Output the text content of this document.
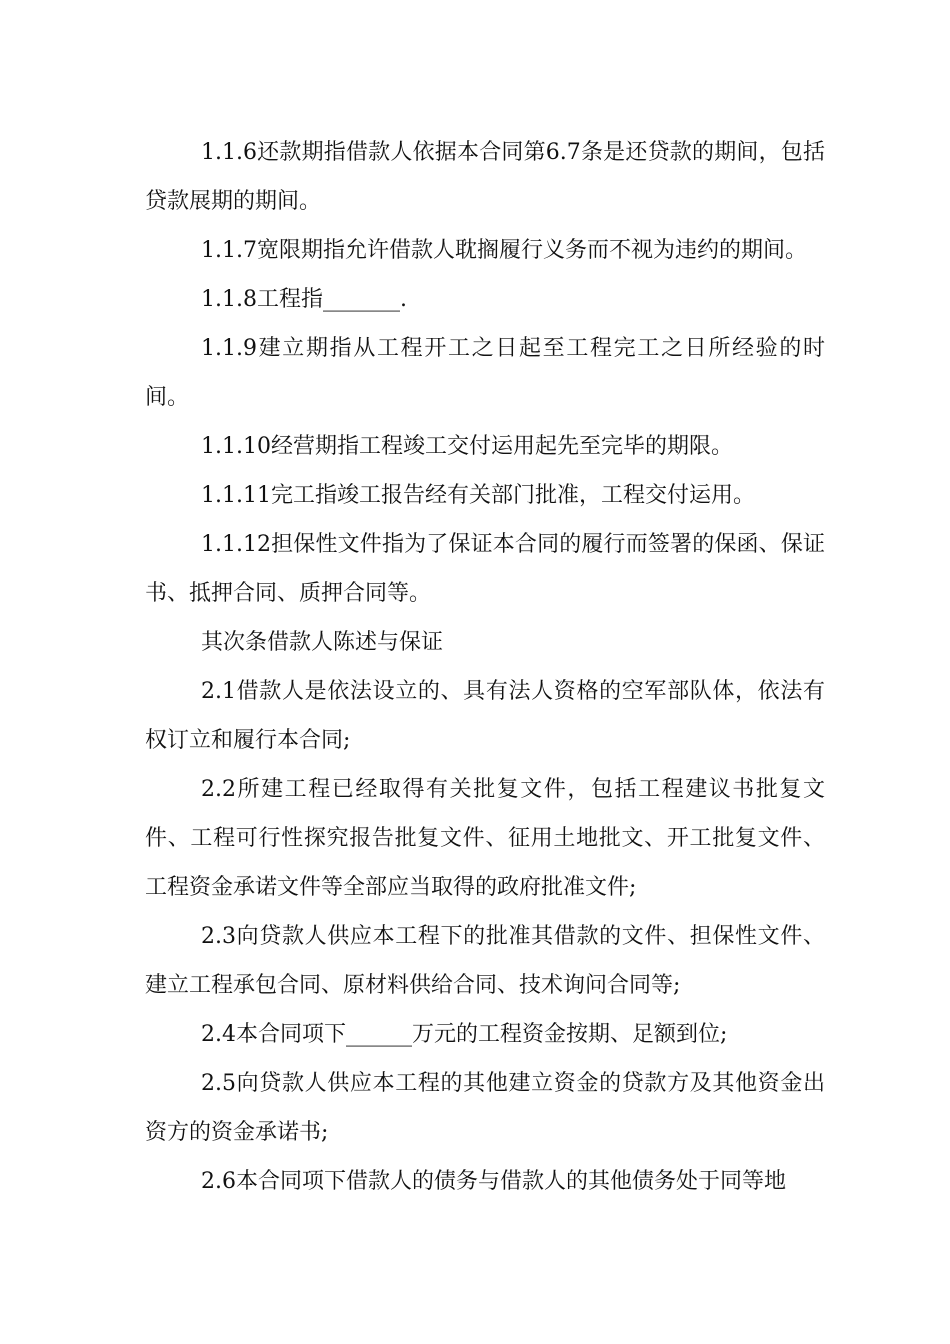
1.1.6还款期指借款人依据本合同第6.7条是还贷款的期间，包括贷款展期的期间。

1.1.7宽限期指允许借款人耽搁履行义务而不视为违约的期间。

1.1.8工程指_______.

1.1.9建立期指从工程开工之日起至工程完工之日所经验的时间。

1.1.10经营期指工程竣工交付运用起先至完毕的期限。

1.1.11完工指竣工报告经有关部门批准，工程交付运用。

1.1.12担保性文件指为了保证本合同的履行而签署的保函、保证书、抵押合同、质押合同等。

其次条借款人陈述与保证

2.1借款人是依法设立的、具有法人资格的空军部队体，依法有权订立和履行本合同;

2.2所建工程已经取得有关批复文件，包括工程建议书批复文件、工程可行性探究报告批复文件、征用土地批文、开工批复文件、工程资金承诺文件等全部应当取得的政府批准文件;

2.3向贷款人供应本工程下的批准其借款的文件、担保性文件、建立工程承包合同、原材料供给合同、技术询问合同等;

2.4本合同项下______万元的工程资金按期、足额到位;

2.5向贷款人供应本工程的其他建立资金的贷款方及其他资金出资方的资金承诺书;

2.6本合同项下借款人的债务与借款人的其他债务处于同等地
